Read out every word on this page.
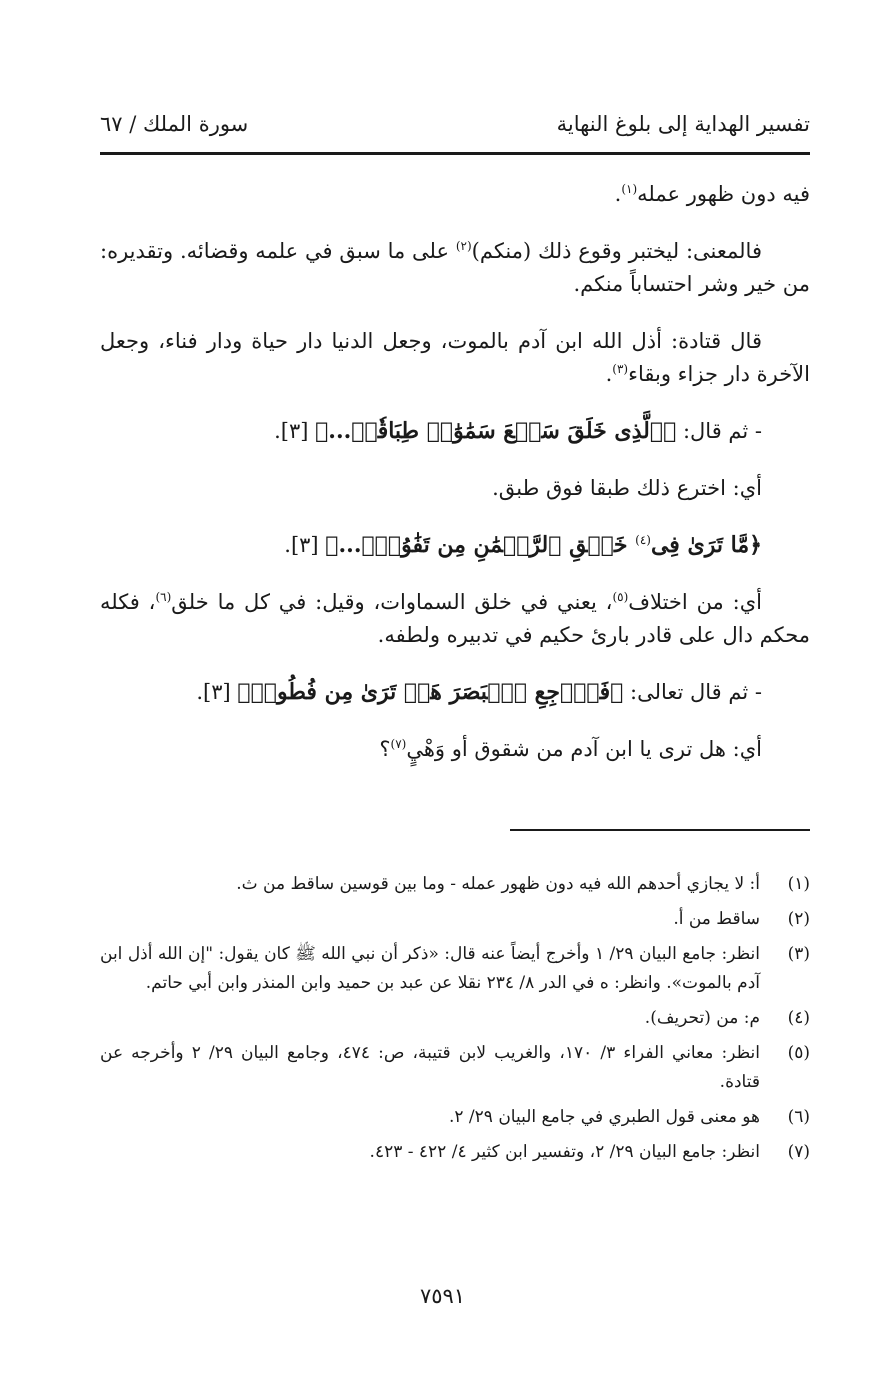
تفسير الهداية إلى بلوغ النهاية
سورة الملك / ٦٧

فيه دون ظهور عمله$^{(١)}$.

فالمعنى: ليختبر وقوع ذلك (منكم)$^{(٢)}$ على ما سبق في علمه وقضائه. وتقديره: من خير وشر احتساباً منكم.

قال قتادة: أذل الله ابن آدم بالموت، وجعل الدنيا دار حياة ودار فناء، وجعل الآخرة دار جزاء وبقاء$^{(٣)}$.

- ثم قال: ﴿ٱلَّذِى خَلَقَ سَبۡعَ سَمَٰوَٰتٖ طِبَاقٗاۖ...﴾ [٣].

أي: اخترع ذلك طبقا فوق طبق.

﴿مَّا تَرَىٰ فِى$^{(٤)}$ خَلۡقِ ٱلرَّحۡمَٰنِ مِن تَفَٰوُتٖۖ...﴾ [٣].

أي: من اختلاف$^{(٥)}$، يعني في خلق السماوات، وقيل: في كل ما خلق$^{(٦)}$، فكله محكم دال على قادر بارئ حكيم في تدبيره ولطفه.

- ثم قال تعالى: ﴿فَٱرۡجِعِ ٱلۡبَصَرَ هَلۡ تَرَىٰ مِن فُطُورٖ﴾ [٣].

أي: هل ترى يا ابن آدم من شقوق أو وَهْيٍ$^{(٧)}$؟

(١)
أ: لا يجازي أحدهم الله فيه دون ظهور عمله - وما بين قوسين ساقط من ث.
(٢)
ساقط من أ.
(٣)
انظر: جامع البيان ٢٩/ ١ وأخرج أيضاً عنه قال: «ذكر أن نبي الله ﷺ كان يقول: "إن الله أذل ابن آدم بالموت». وانظر: ه في الدر ٨/ ٢٣٤ نقلا عن عبد بن حميد وابن المنذر وابن أبي حاتم.
(٤)
م: من (تحريف).
(٥)
انظر: معاني الفراء ٣/ ١٧٠، والغريب لابن قتيبة، ص: ٤٧٤، وجامع البيان ٢٩/ ٢ وأخرجه عن قتادة.
(٦)
هو معنى قول الطبري في جامع البيان ٢٩/ ٢.
(٧)
انظر: جامع البيان ٢٩/ ٢، وتفسير ابن كثير ٤/ ٤٢٢ - ٤٢٣.
٧٥٩١
